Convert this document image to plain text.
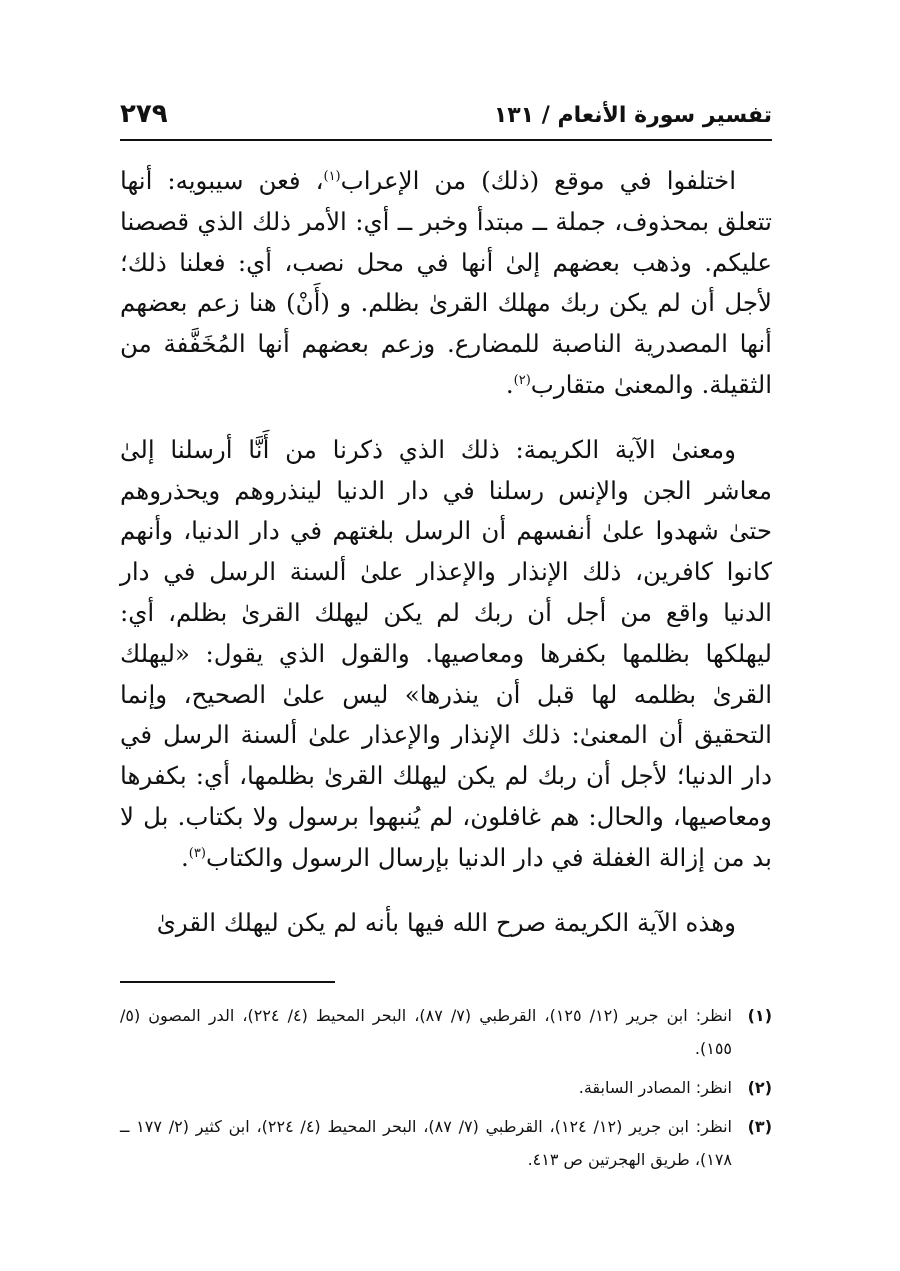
تفسير سورة الأنعام / ١٣١
٢٧٩

اختلفوا في موقع (ذلك) من الإعراب$^{(١)}$، فعن سيبويه: أنها تتعلق بمحذوف، جملة ــ مبتدأ وخبر ــ أي: الأمر ذلك الذي قصصنا عليكم. وذهب بعضهم إلىٰ أنها في محل نصب، أي: فعلنا ذلك؛ لأجل أن لم يكن ربك مهلك القرىٰ بظلم. و (أَنْ) هنا زعم بعضهم أنها المصدرية الناصبة للمضارع. وزعم بعضهم أنها المُخَفَّفة من الثقيلة. والمعنىٰ متقارب$^{(٢)}$.

ومعنىٰ الآية الكريمة: ذلك الذي ذكرنا من أَنَّا أرسلنا إلىٰ معاشر الجن والإنس رسلنا في دار الدنيا لينذروهم ويحذروهم حتىٰ شهدوا علىٰ أنفسهم أن الرسل بلغتهم في دار الدنيا، وأنهم كانوا كافرين، ذلك الإنذار والإعذار علىٰ ألسنة الرسل في دار الدنيا واقع من أجل أن ربك لم يكن ليهلك القرىٰ بظلم، أي: ليهلكها بظلمها بكفرها ومعاصيها. والقول الذي يقول: «ليهلك القرىٰ بظلمه لها قبل أن ينذرها» ليس علىٰ الصحيح، وإنما التحقيق أن المعنىٰ: ذلك الإنذار والإعذار علىٰ ألسنة الرسل في دار الدنيا؛ لأجل أن ربك لم يكن ليهلك القرىٰ بظلمها، أي: بكفرها ومعاصيها، والحال: هم غافلون، لم يُنبهوا برسول ولا بكتاب. بل لا بد من إزالة الغفلة في دار الدنيا بإرسال الرسول والكتاب$^{(٣)}$.

وهذه الآية الكريمة صرح الله فيها بأنه لم يكن ليهلك القرىٰ

(١)
انظر: ابن جرير (١٢/ ١٢٥)، القرطبي (٧/ ٨٧)، البحر المحيط (٤/ ٢٢٤)، الدر المصون (٥/ ١٥٥).
(٢)
انظر: المصادر السابقة.
(٣)
انظر: ابن جرير (١٢/ ١٢٤)، القرطبي (٧/ ٨٧)، البحر المحيط (٤/ ٢٢٤)، ابن كثير (٢/ ١٧٧ ــ ١٧٨)، طريق الهجرتين ص ٤١٣.
